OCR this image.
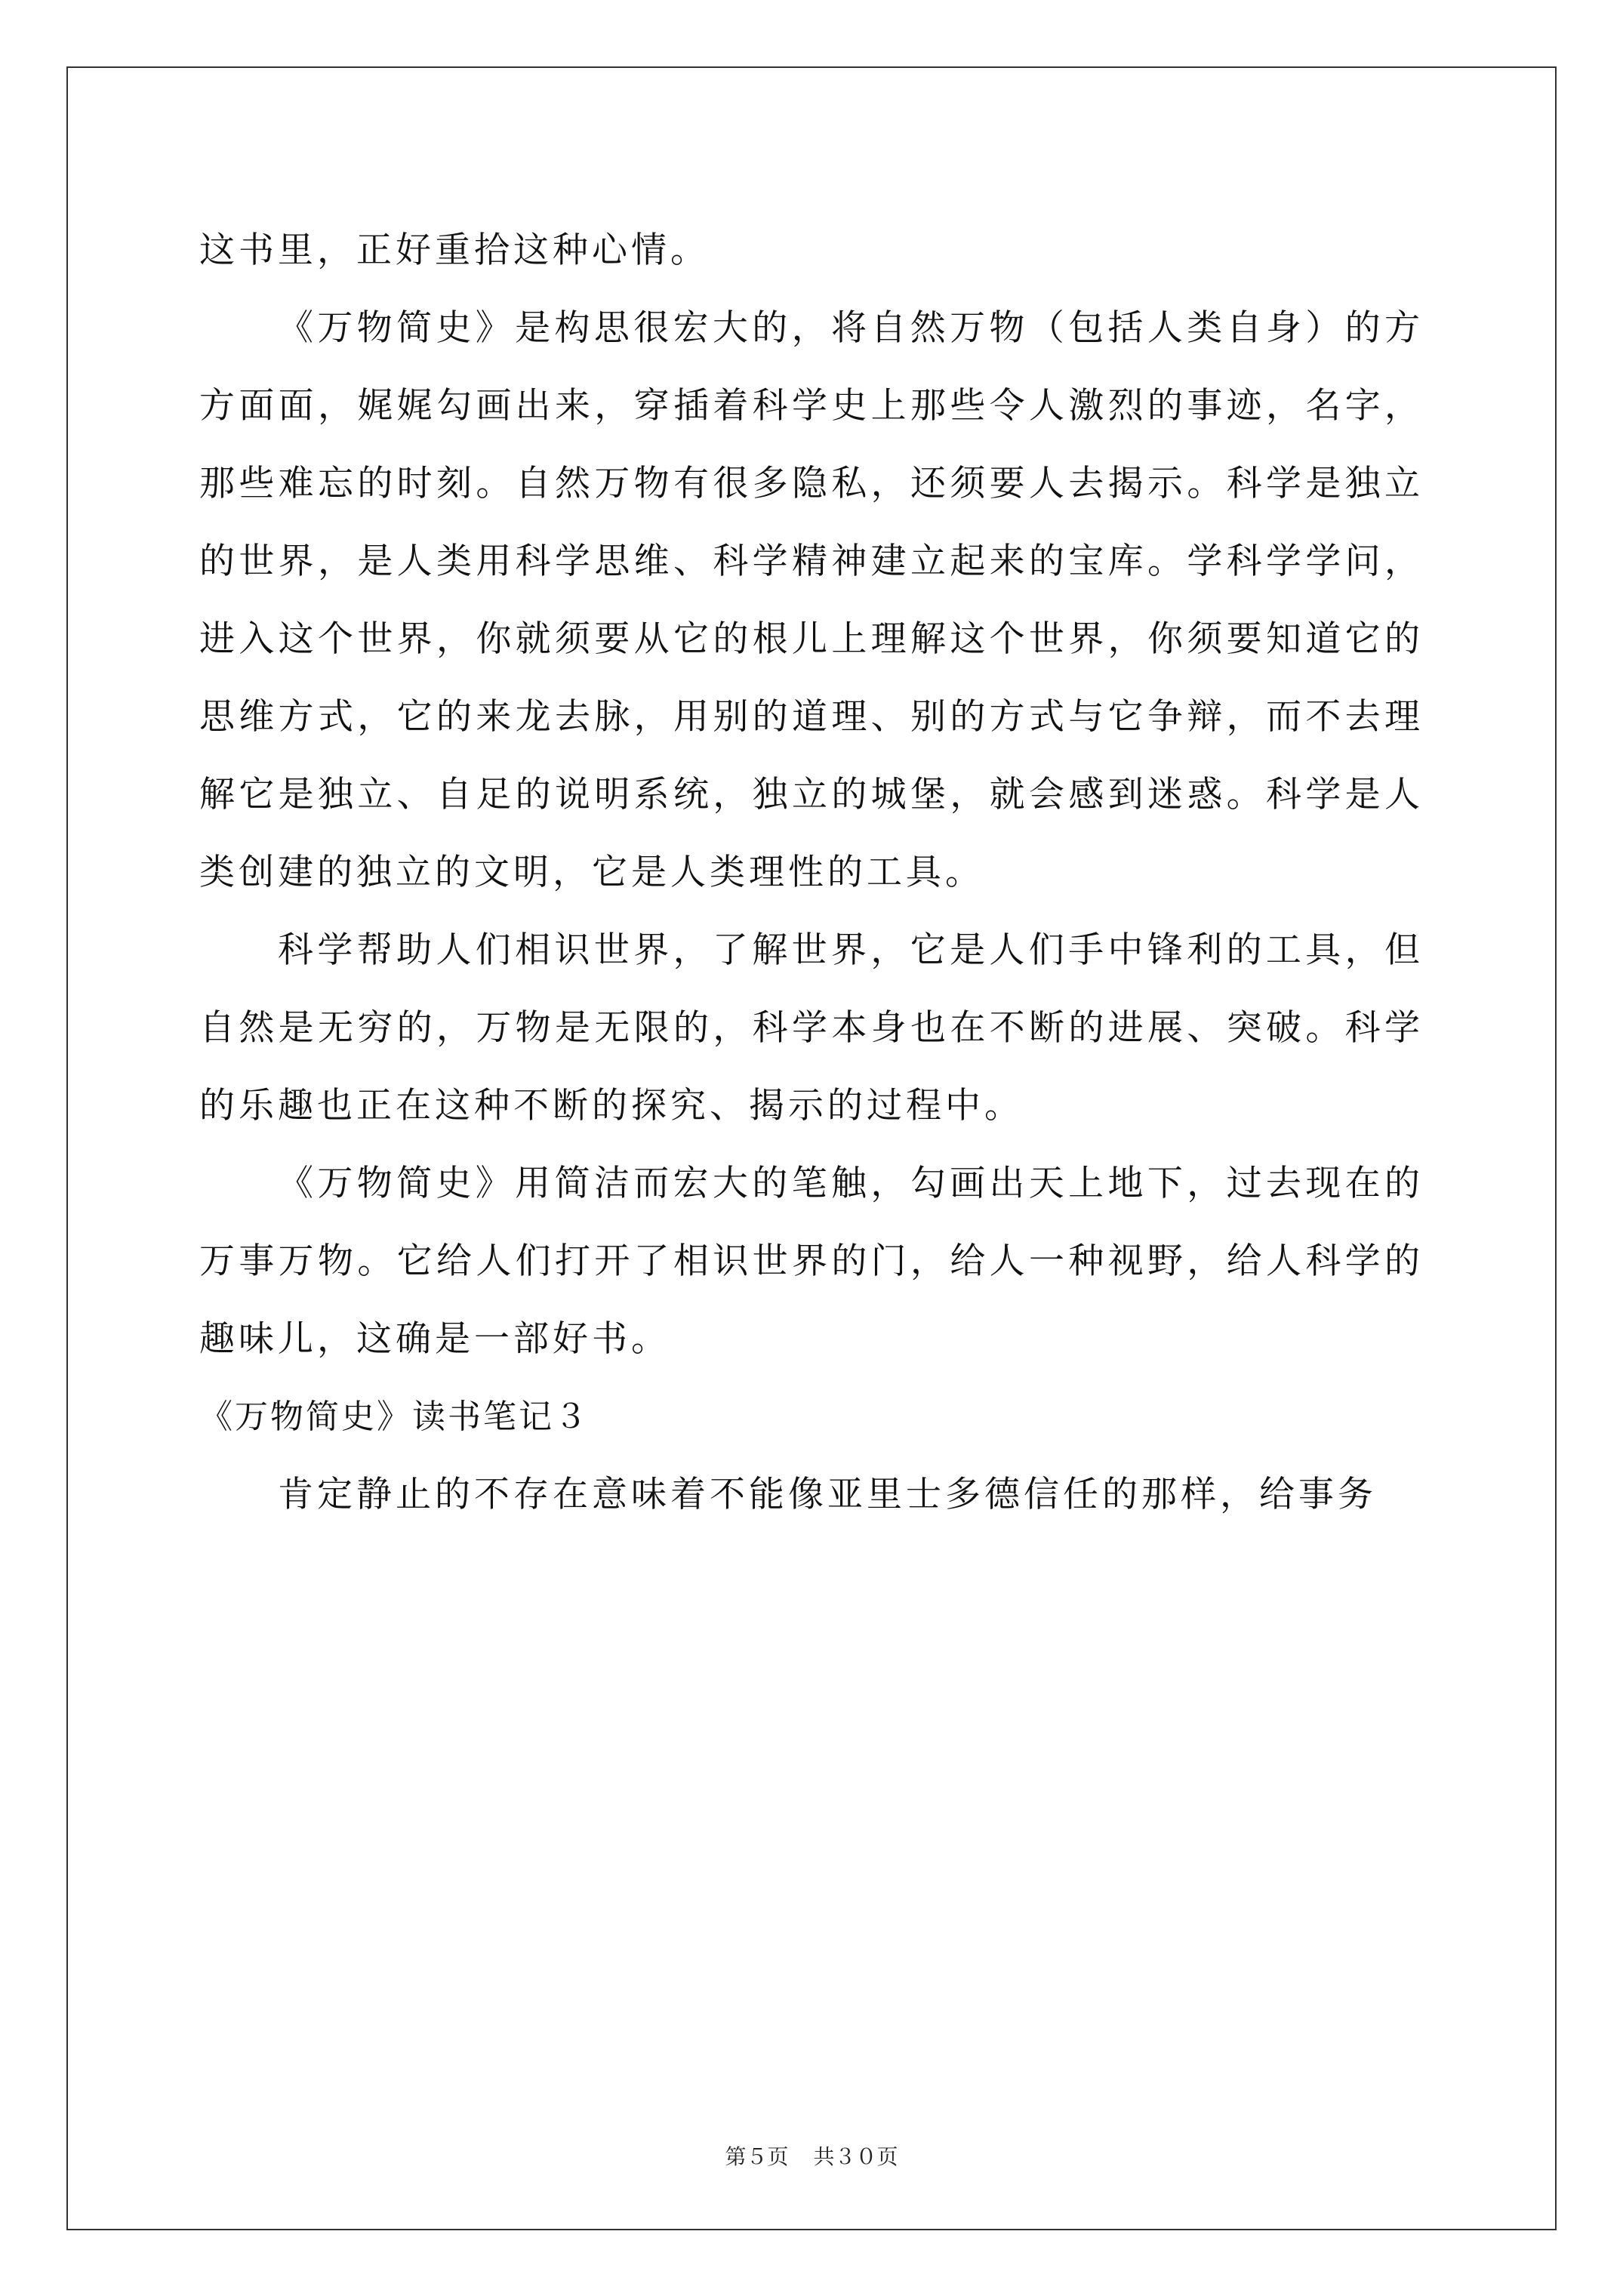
这书里，正好重拾这种心情。

《万物简史》是构思很宏大的，将自然万物（包括人类自身）的方方面面，娓娓勾画出来，穿插着科学史上那些令人激烈的事迹，名字，那些难忘的时刻。自然万物有很多隐私，还须要人去揭示。科学是独立的世界，是人类用科学思维、科学精神建立起来的宝库。学科学学问，进入这个世界，你就须要从它的根儿上理解这个世界，你须要知道它的思维方式，它的来龙去脉，用别的道理、别的方式与它争辩，而不去理解它是独立、自足的说明系统，独立的城堡，就会感到迷惑。科学是人类创建的独立的文明，它是人类理性的工具。

科学帮助人们相识世界，了解世界，它是人们手中锋利的工具，但自然是无穷的，万物是无限的，科学本身也在不断的进展、突破。科学的乐趣也正在这种不断的探究、揭示的过程中。

《万物简史》用简洁而宏大的笔触，勾画出天上地下，过去现在的万事万物。它给人们打开了相识世界的门，给人一种视野，给人科学的趣味儿，这确是一部好书。

《万物简史》读书笔记３

肯定静止的不存在意味着不能像亚里士多德信任的那样，给事务

第５页 共３０页
